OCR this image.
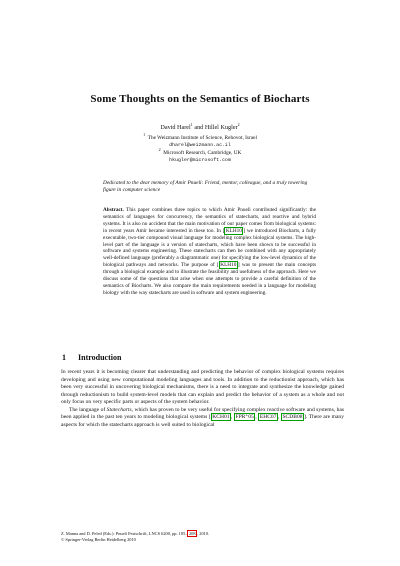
Some Thoughts on the Semantics of Biocharts
David Harel$^1$ and Hillel Kugler$^2$
$^1$  The Weizmann Institute of Science, Rehovot, Israel
dharel@weizmann.ac.il
$^2$  Microsoft Research, Cambridge, UK
hkugler@microsoft.com
Dedicated to the dear memory of Amir Pnueli: Friend, mentor, colleague, and a truly towering figure in computer science
Abstract. This paper combines three topics to which Amir Pnueli contributed significantly: the semantics of languages for concurrency, the semantics of statecharts, and reactive and hybrid systems. It is also no accident that the main motivation of our paper comes from biological systems: in recent years Amir became interested in these too. In [ KLH10 ] we introduced Biocharts, a fully executable, two-tier compound visual language for modeling complex biological systems. The high-level part of the language is a version of statecharts, which have been shown to be successful in software and systems engineering. These statecharts can then be combined with any appropriately well-defined language (preferably a diagrammatic one) for specifying the low-level dynamics of the biological pathways and networks. The purpose of [ KLH10 ] was to present the main concepts through a biological example and to illustrate the feasibility and usefulness of the approach. Here we discuss some of the questions that arise when one attempts to provide a careful definition of the semantics of Biocharts. We also compare the main requirements needed in a language for modeling biology with the way statecharts are used in software and system engineering.
1 Introduction

In recent years it is becoming clearer that understanding and predicting the behavior of complex biological systems requires developing and using new computational modeling languages and tools. In addition to the reductionist approach, which has been very successful in uncovering biological mechanisms, there is a need to integrate and synthesize the knowledge gained through reductionism to build system-level models that can explain and predict the behavior of a system as a whole and not only focus on very specific parts or aspects of the system behavior.

The language of Statecharts, which has proven to be very useful for specifying complex reactive software and systems, has been applied in the past ten years to modeling biological systems [ KCH01 , FPR⁺05 , EHC07 , SCDB08 ]. There are many aspects for which the statecharts approach is well suited to biological

Z. Manna and D. Peled (Eds.): Pnueli Festschrift, LNCS 6200, pp. 185– 208 , 2010.
© Springer-Verlag Berlin Heidelberg 2010
